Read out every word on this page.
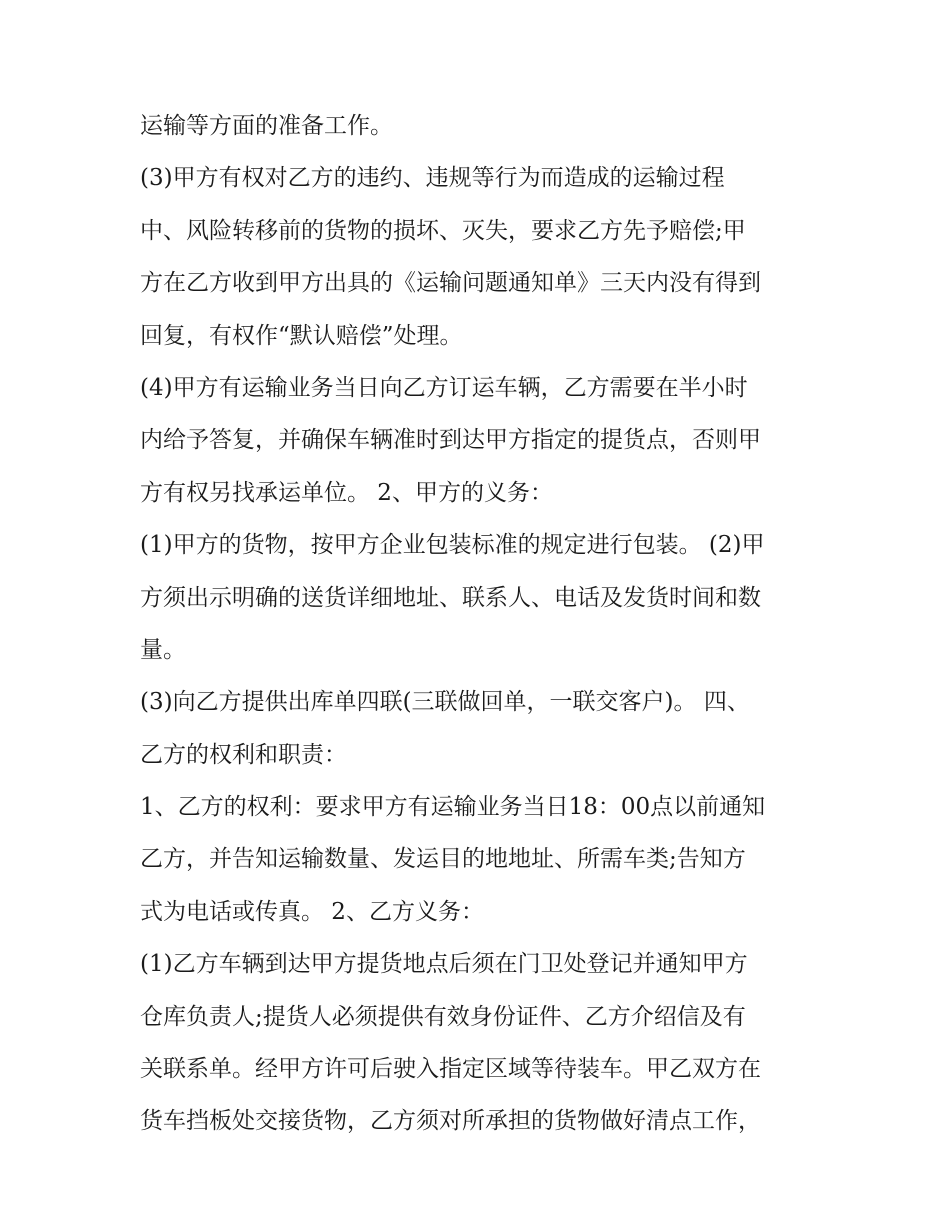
运输等方面的准备工作。
(3)甲方有权对乙方的违约、违规等行为而造成的运输过程
中、风险转移前的货物的损坏、灭失，要求乙方先予赔偿;甲
方在乙方收到甲方出具的《运输问题通知单》三天内没有得到
回复，有权作“默认赔偿”处理。
(4)甲方有运输业务当日向乙方订运车辆，乙方需要在半小时
内给予答复，并确保车辆准时到达甲方指定的提货点，否则甲
方有权另找承运单位。 2、甲方的义务：
(1)甲方的货物，按甲方企业包装标准的规定进行包装。 (2)甲
方须出示明确的送货详细地址、联系人、电话及发货时间和数
量。
(3)向乙方提供出库单四联(三联做回单，一联交客户)。 四、
乙方的权利和职责：
1、乙方的权利：要求甲方有运输业务当日18：00点以前通知
乙方，并告知运输数量、发运目的地地址、所需车类;告知方
式为电话或传真。 2、乙方义务：
(1)乙方车辆到达甲方提货地点后须在门卫处登记并通知甲方
仓库负责人;提货人必须提供有效身份证件、乙方介绍信及有
关联系单。经甲方许可后驶入指定区域等待装车。甲乙双方在
货车挡板处交接货物，乙方须对所承担的货物做好清点工作，
